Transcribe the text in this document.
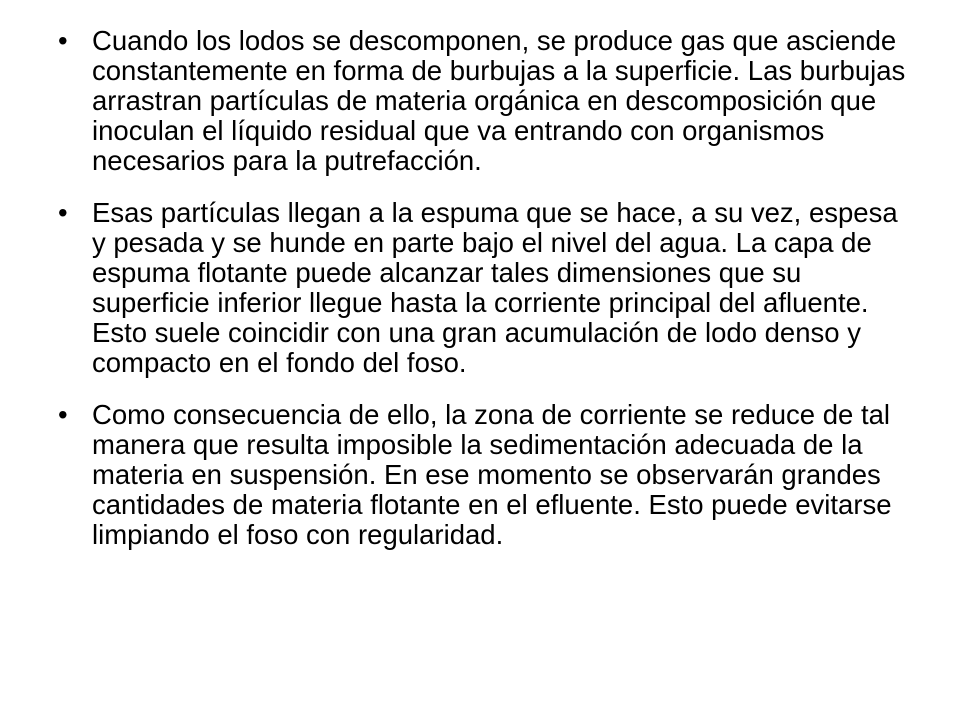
• Cuando los lodos se descomponen, se produce gas que asciende constantemente en forma de burbujas a la superficie. Las burbujas arrastran partículas de materia orgánica en descomposición que inoculan el líquido residual que va entrando con organismos necesarios para la putrefacción.
• Esas partículas llegan a la espuma que se hace, a su vez, espesa y pesada y se hunde en parte bajo el nivel del agua. La capa de espuma flotante puede alcanzar tales dimensiones que su superficie inferior llegue hasta la corriente principal del afluente. Esto suele coincidir con una gran acumulación de lodo denso y compacto en el fondo del foso.
• Como consecuencia de ello, la zona de corriente se reduce de tal manera que resulta imposible la sedimentación adecuada de la materia en suspensión. En ese momento se observarán grandes cantidades de materia flotante en el efluente. Esto puede evitarse limpiando el foso con regularidad.
